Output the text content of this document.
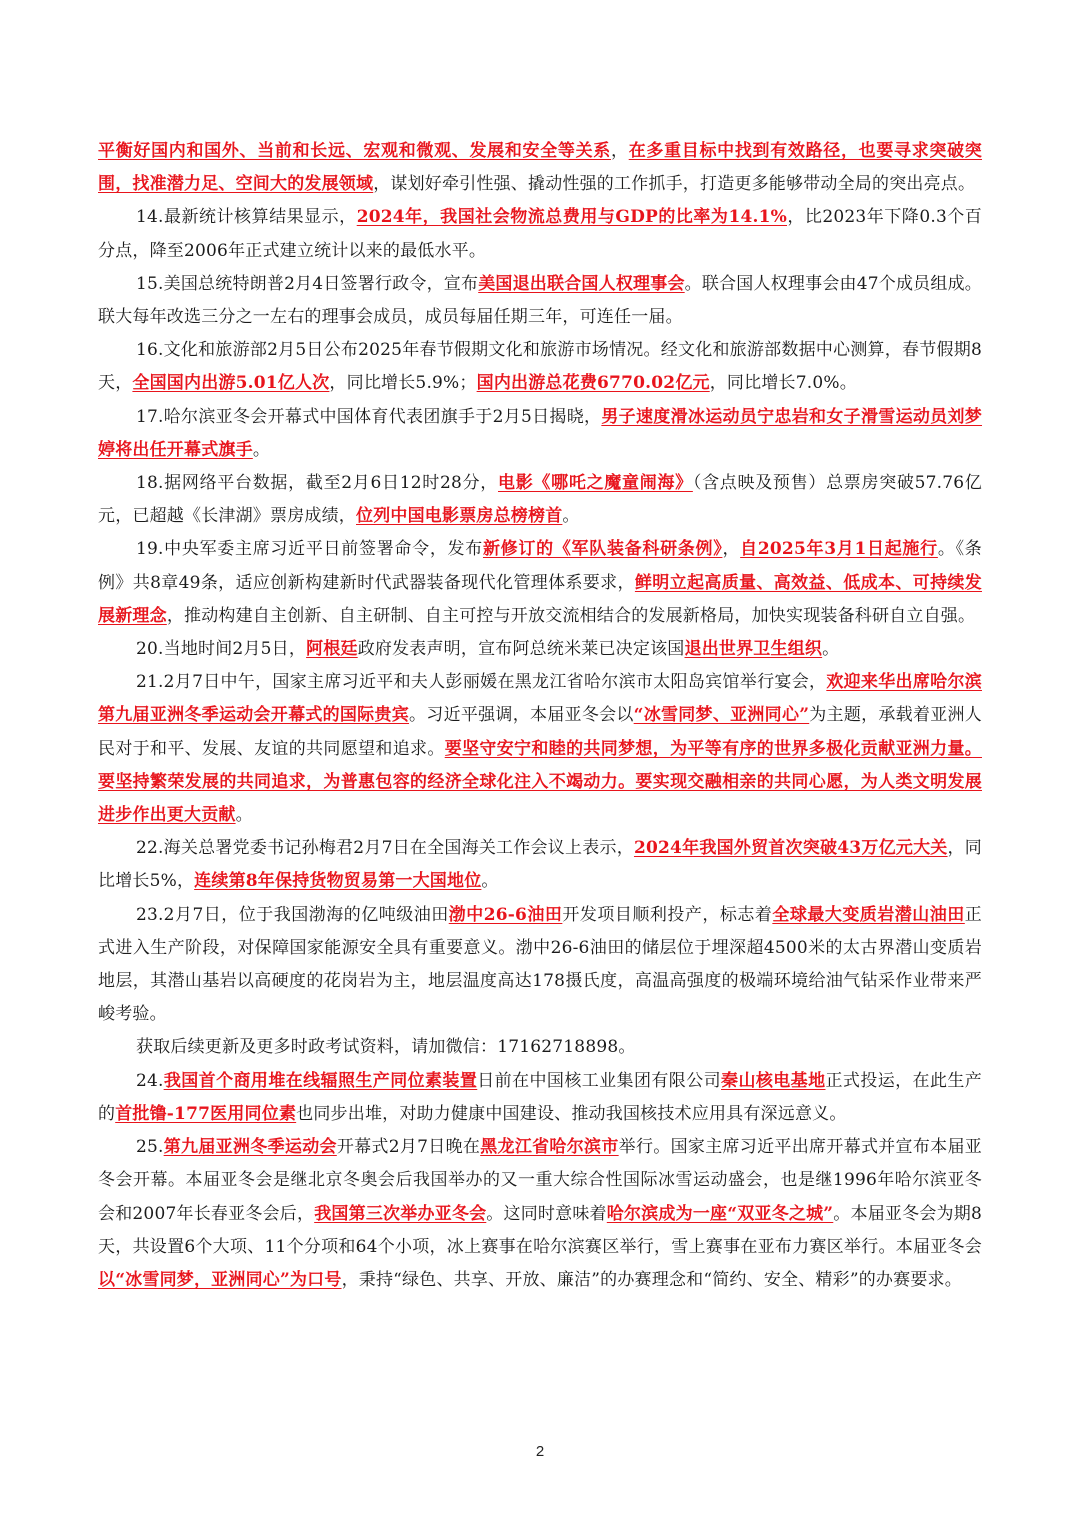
平衡好国内和国外、当前和长远、宏观和微观、发展和安全等关系，在多重目标中找到有效路径，也要寻求突破突围，找准潜力足、空间大的发展领域，谋划好牵引性强、撬动性强的工作抓手，打造更多能够带动全局的突出亮点。

14.最新统计核算结果显示，2024年，我国社会物流总费用与GDP的比率为14.1%，比2023年下降0.3个百分点，降至2006年正式建立统计以来的最低水平。

15.美国总统特朗普2月4日签署行政令，宣布美国退出联合国人权理事会。联合国人权理事会由47个成员组成。联大每年改选三分之一左右的理事会成员，成员每届任期三年，可连任一届。

16.文化和旅游部2月5日公布2025年春节假期文化和旅游市场情况。经文化和旅游部数据中心测算，春节假期8天，全国国内出游5.01亿人次，同比增长5.9%；国内出游总花费6770.02亿元，同比增长7.0%。

17.哈尔滨亚冬会开幕式中国体育代表团旗手于2月5日揭晓，男子速度滑冰运动员宁忠岩和女子滑雪运动员刘梦婷将出任开幕式旗手。

18.据网络平台数据，截至2月6日12时28分，电影《哪吒之魔童闹海》（含点映及预售）总票房突破57.76亿元，已超越《长津湖》票房成绩，位列中国电影票房总榜榜首。

19.中央军委主席习近平日前签署命令，发布新修订的《军队装备科研条例》，自2025年3月1日起施行。《条例》共8章49条，适应创新构建新时代武器装备现代化管理体系要求，鲜明立起高质量、高效益、低成本、可持续发展新理念，推动构建自主创新、自主研制、自主可控与开放交流相结合的发展新格局，加快实现装备科研自立自强。

20.当地时间2月5日，阿根廷政府发表声明，宣布阿总统米莱已决定该国退出世界卫生组织。

21.2月7日中午，国家主席习近平和夫人彭丽媛在黑龙江省哈尔滨市太阳岛宾馆举行宴会，欢迎来华出席哈尔滨第九届亚洲冬季运动会开幕式的国际贵宾。习近平强调，本届亚冬会以“冰雪同梦、亚洲同心”为主题，承载着亚洲人民对于和平、发展、友谊的共同愿望和追求。要坚守安宁和睦的共同梦想，为平等有序的世界多极化贡献亚洲力量。要坚持繁荣发展的共同追求，为普惠包容的经济全球化注入不竭动力。要实现交融相亲的共同心愿，为人类文明发展进步作出更大贡献。

22.海关总署党委书记孙梅君2月7日在全国海关工作会议上表示，2024年我国外贸首次突破43万亿元大关，同比增长5%，连续第8年保持货物贸易第一大国地位。

23.2月7日，位于我国渤海的亿吨级油田渤中26-6油田开发项目顺利投产，标志着全球最大变质岩潜山油田正式进入生产阶段，对保障国家能源安全具有重要意义。渤中26-6油田的储层位于埋深超4500米的太古界潜山变质岩地层，其潜山基岩以高硬度的花岗岩为主，地层温度高达178摄氏度，高温高强度的极端环境给油气钻采作业带来严峻考验。

获取后续更新及更多时政考试资料，请加微信：17162718898。

24.我国首个商用堆在线辐照生产同位素装置日前在中国核工业集团有限公司秦山核电基地正式投运，在此生产的首批镥-177医用同位素也同步出堆，对助力健康中国建设、推动我国核技术应用具有深远意义。

25.第九届亚洲冬季运动会开幕式2月7日晚在黑龙江省哈尔滨市举行。国家主席习近平出席开幕式并宣布本届亚冬会开幕。本届亚冬会是继北京冬奥会后我国举办的又一重大综合性国际冰雪运动盛会，也是继1996年哈尔滨亚冬会和2007年长春亚冬会后，我国第三次举办亚冬会。这同时意味着哈尔滨成为一座“双亚冬之城”。本届亚冬会为期8天，共设置6个大项、11个分项和64个小项，冰上赛事在哈尔滨赛区举行，雪上赛事在亚布力赛区举行。本届亚冬会以“冰雪同梦，亚洲同心”为口号，秉持“绿色、共享、开放、廉洁”的办赛理念和“简约、安全、精彩”的办赛要求。

2
